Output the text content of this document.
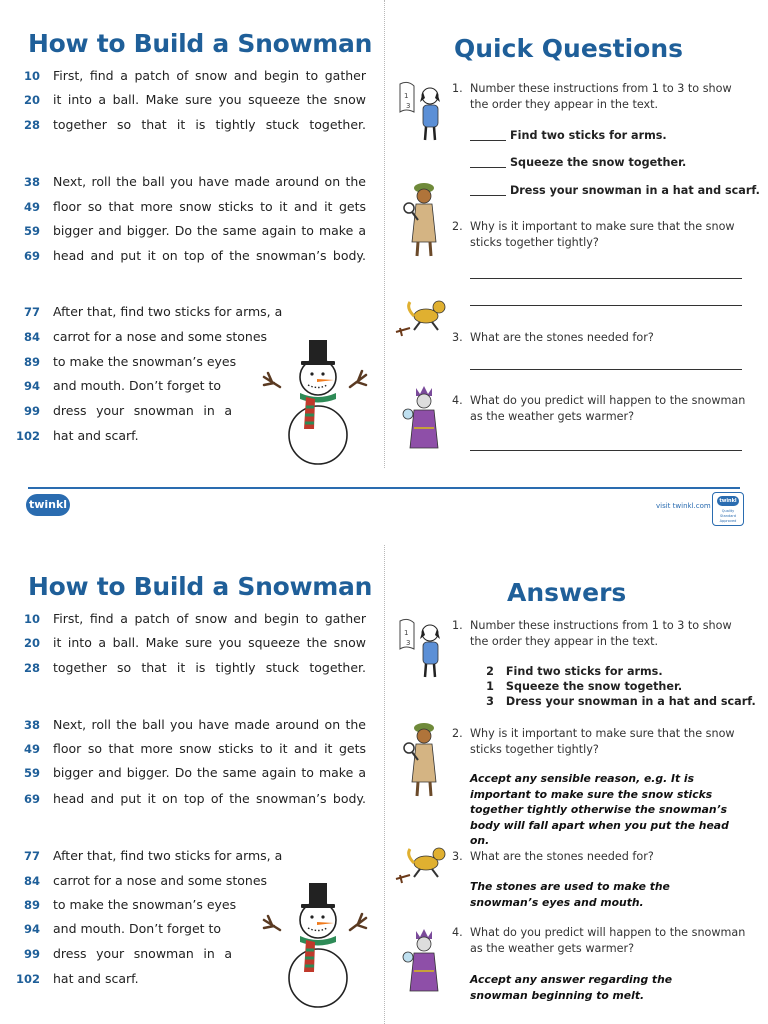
How to Build a Snowman
10 First, find a patch of snow and begin to gather
20 it into a ball. Make sure you squeeze the snow
28 together so that it is tightly stuck together.
38 Next, roll the ball you have made around on the
49 floor so that more snow sticks to it and it gets
59 bigger and bigger. Do the same again to make a
69 head and put it on top of the snowman’s body.
77 After that, find two sticks for arms, a
84 carrot for a nose and some stones
89 to make the snowman’s eyes
94 and mouth. Don’t forget to
99 dress your snowman in a
102 hat and scarf.
Quick Questions
1
3
1. Number these instructions from 1 to 3 to show the order they appear in the text.
Find two sticks for arms.
Squeeze the snow together.
Dress your snowman in a hat and scarf.
2. Why is it important to make sure that the snow sticks together tightly?
3. What are the stones needed for?
4. What do you predict will happen to the snowman as the weather gets warmer?
twinkl	visit twinkl.com
twinkl
Quality Standard Approved
How to Build a Snowman
10 First, find a patch of snow and begin to gather
20 it into a ball. Make sure you squeeze the snow
28 together so that it is tightly stuck together.
38 Next, roll the ball you have made around on the
49 floor so that more snow sticks to it and it gets
59 bigger and bigger. Do the same again to make a
69 head and put it on top of the snowman’s body.
77 After that, find two sticks for arms, a
84 carrot for a nose and some stones
89 to make the snowman’s eyes
94 and mouth. Don’t forget to
99 dress your snowman in a
102 hat and scarf.
Answers
1
3
1. Number these instructions from 1 to 3 to show the order they appear in the text.
2 Find two sticks for arms.
1 Squeeze the snow together.
3 Dress your snowman in a hat and scarf.
2. Why is it important to make sure that the snow sticks together tightly?
Accept any sensible reason, e.g. It is important to make sure the snow sticks together tightly otherwise the snowman’s body will fall apart when you put the head on.
3. What are the stones needed for?
The stones are used to make the snowman’s eyes and mouth.
4. What do you predict will happen to the snowman as the weather gets warmer?
Accept any answer regarding the snowman beginning to melt.
